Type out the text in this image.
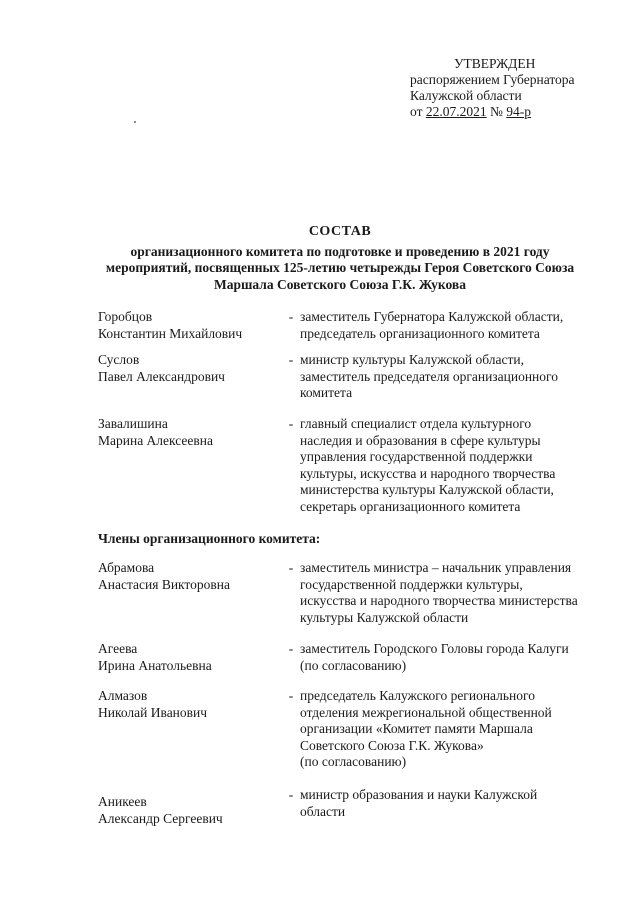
УТВЕРЖДЕН
распоряжением Губернатора
Калужской области
от 22.07.2021 № 94-р
СОСТАВ
организационного комитета по подготовке и проведению в 2021 году
мероприятий, посвященных 125-летию четырежды Героя Советского Союза
Маршала Советского Союза Г.К. Жукова
Горобцов
Константин Михайлович
- заместитель Губернатора Калужской области,
председатель организационного комитета
Суслов
Павел Александрович
- министр культуры Калужской области,
заместитель председателя организационного
комитета
Завалишина
Марина Алексеевна
- главный специалист отдела культурного
наследия и образования в сфере культуры
управления государственной поддержки
культуры, искусства и народного творчества
министерства культуры Калужской области,
секретарь организационного комитета
Члены организационного комитета:
Абрамова
Анастасия Викторовна
- заместитель министра – начальник управления
государственной поддержки культуры,
искусства и народного творчества министерства
культуры Калужской области
Агеева
Ирина Анатольевна
- заместитель Городского Головы города Калуги
(по согласованию)
Алмазов
Николай Иванович
- председатель Калужского регионального
отделения межрегиональной общественной
организации «Комитет памяти Маршала
Советского Союза Г.К. Жукова»
(по согласованию)
Аникеев
Александр Сергеевич
- министр образования и науки Калужской
области
